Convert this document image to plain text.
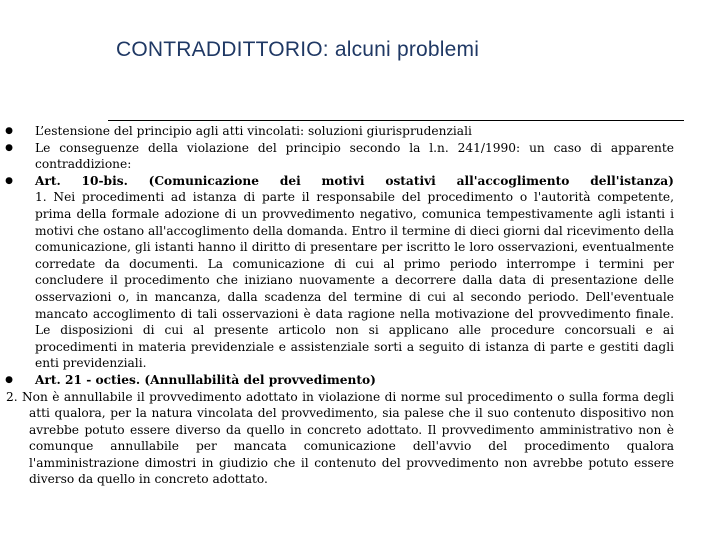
CONTRADDITTORIO: alcuni problemi
● L’estensione del principio agli atti vincolati: soluzioni giurisprudenziali
● Le conseguenze della violazione del principio secondo la l.n. 241/1990: un caso di apparente contraddizione:
● Art. 10-bis. (Comunicazione dei motivi ostativi all'accoglimento dell'istanza)
1. Nei procedimenti ad istanza di parte il responsabile del procedimento o l'autorità competente, prima della formale adozione di un provvedimento negativo, comunica tempestivamente agli istanti i motivi che ostano all'accoglimento della domanda. Entro il termine di dieci giorni dal ricevimento della comunicazione, gli istanti hanno il diritto di presentare per iscritto le loro osservazioni, eventualmente corredate da documenti. La comunicazione di cui al primo periodo interrompe i termini per concludere il procedimento che iniziano nuovamente a decorrere dalla data di presentazione delle osservazioni o, in mancanza, dalla scadenza del termine di cui al secondo periodo. Dell'eventuale mancato accoglimento di tali osservazioni è data ragione nella motivazione del provvedimento finale. Le disposizioni di cui al presente articolo non si applicano alle procedure concorsuali e ai procedimenti in materia previdenziale e assistenziale sorti a seguito di istanza di parte e gestiti dagli enti previdenziali.
● Art. 21 - octies. (Annullabilità del provvedimento)
2. Non è annullabile il provvedimento adottato in violazione di norme sul procedimento o sulla forma degli atti qualora, per la natura vincolata del provvedimento, sia palese che il suo contenuto dispositivo non avrebbe potuto essere diverso da quello in concreto adottato. Il provvedimento amministrativo non è comunque annullabile per mancata comunicazione dell'avvio del procedimento qualora l'amministrazione dimostri in giudizio che il contenuto del provvedimento non avrebbe potuto essere diverso da quello in concreto adottato.
